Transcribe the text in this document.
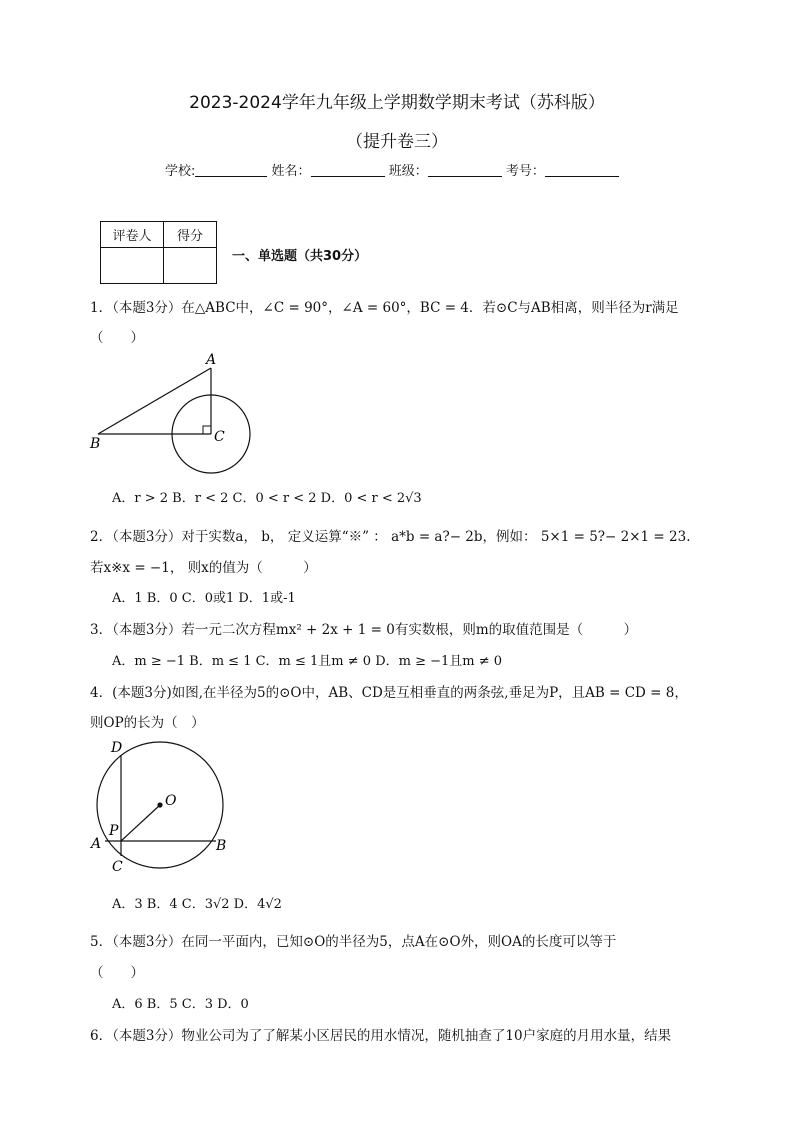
2023-2024学年九年级上学期数学期末考试（苏科版）
（提升卷三）
学校:	姓名：	班级：	考号：
评卷人	得分

一、单选题（共30分）
1．（本题3分）在△ABC中，∠C = 90°，∠A = 60°，BC = 4．若⊙C与AB相离，则半径为r满足
（　　）
A
B	C
A．r > 2 B．r < 2 C．0 < r < 2 D．0 < r < 2√3
2．（本题3分）对于实数a， b， 定义运算“※” ： a*b = a?− 2b，例如： 5×1 = 5?− 2×1 = 23.
若x※x = −1， 则x的值为（　　　）
A．1 B．0 C．0或1 D．1或-1
3．（本题3分）若一元二次方程mx² + 2x + 1 = 0有实数根，则m的取值范围是（　　　）
A．m ≥ −1 B．m ≤ 1 C．m ≤ 1且m ≠ 0 D．m ≥ −1且m ≠ 0
4．(本题3分)如图,在半径为5的⊙O中，AB、CD是互相垂直的两条弦,垂足为P，且AB = CD = 8，
则OP的长为（　）
D
O
P
A
C
B
A．3 B．4 C．3√2 D．4√2
5．（本题3分）在同一平面内，已知⊙O的半径为5，点A在⊙O外，则OA的长度可以等于
（　　）
A．6 B．5 C．3 D．0
6．（本题3分）物业公司为了了解某小区居民的用水情况，随机抽查了10户家庭的月用水量，结果
